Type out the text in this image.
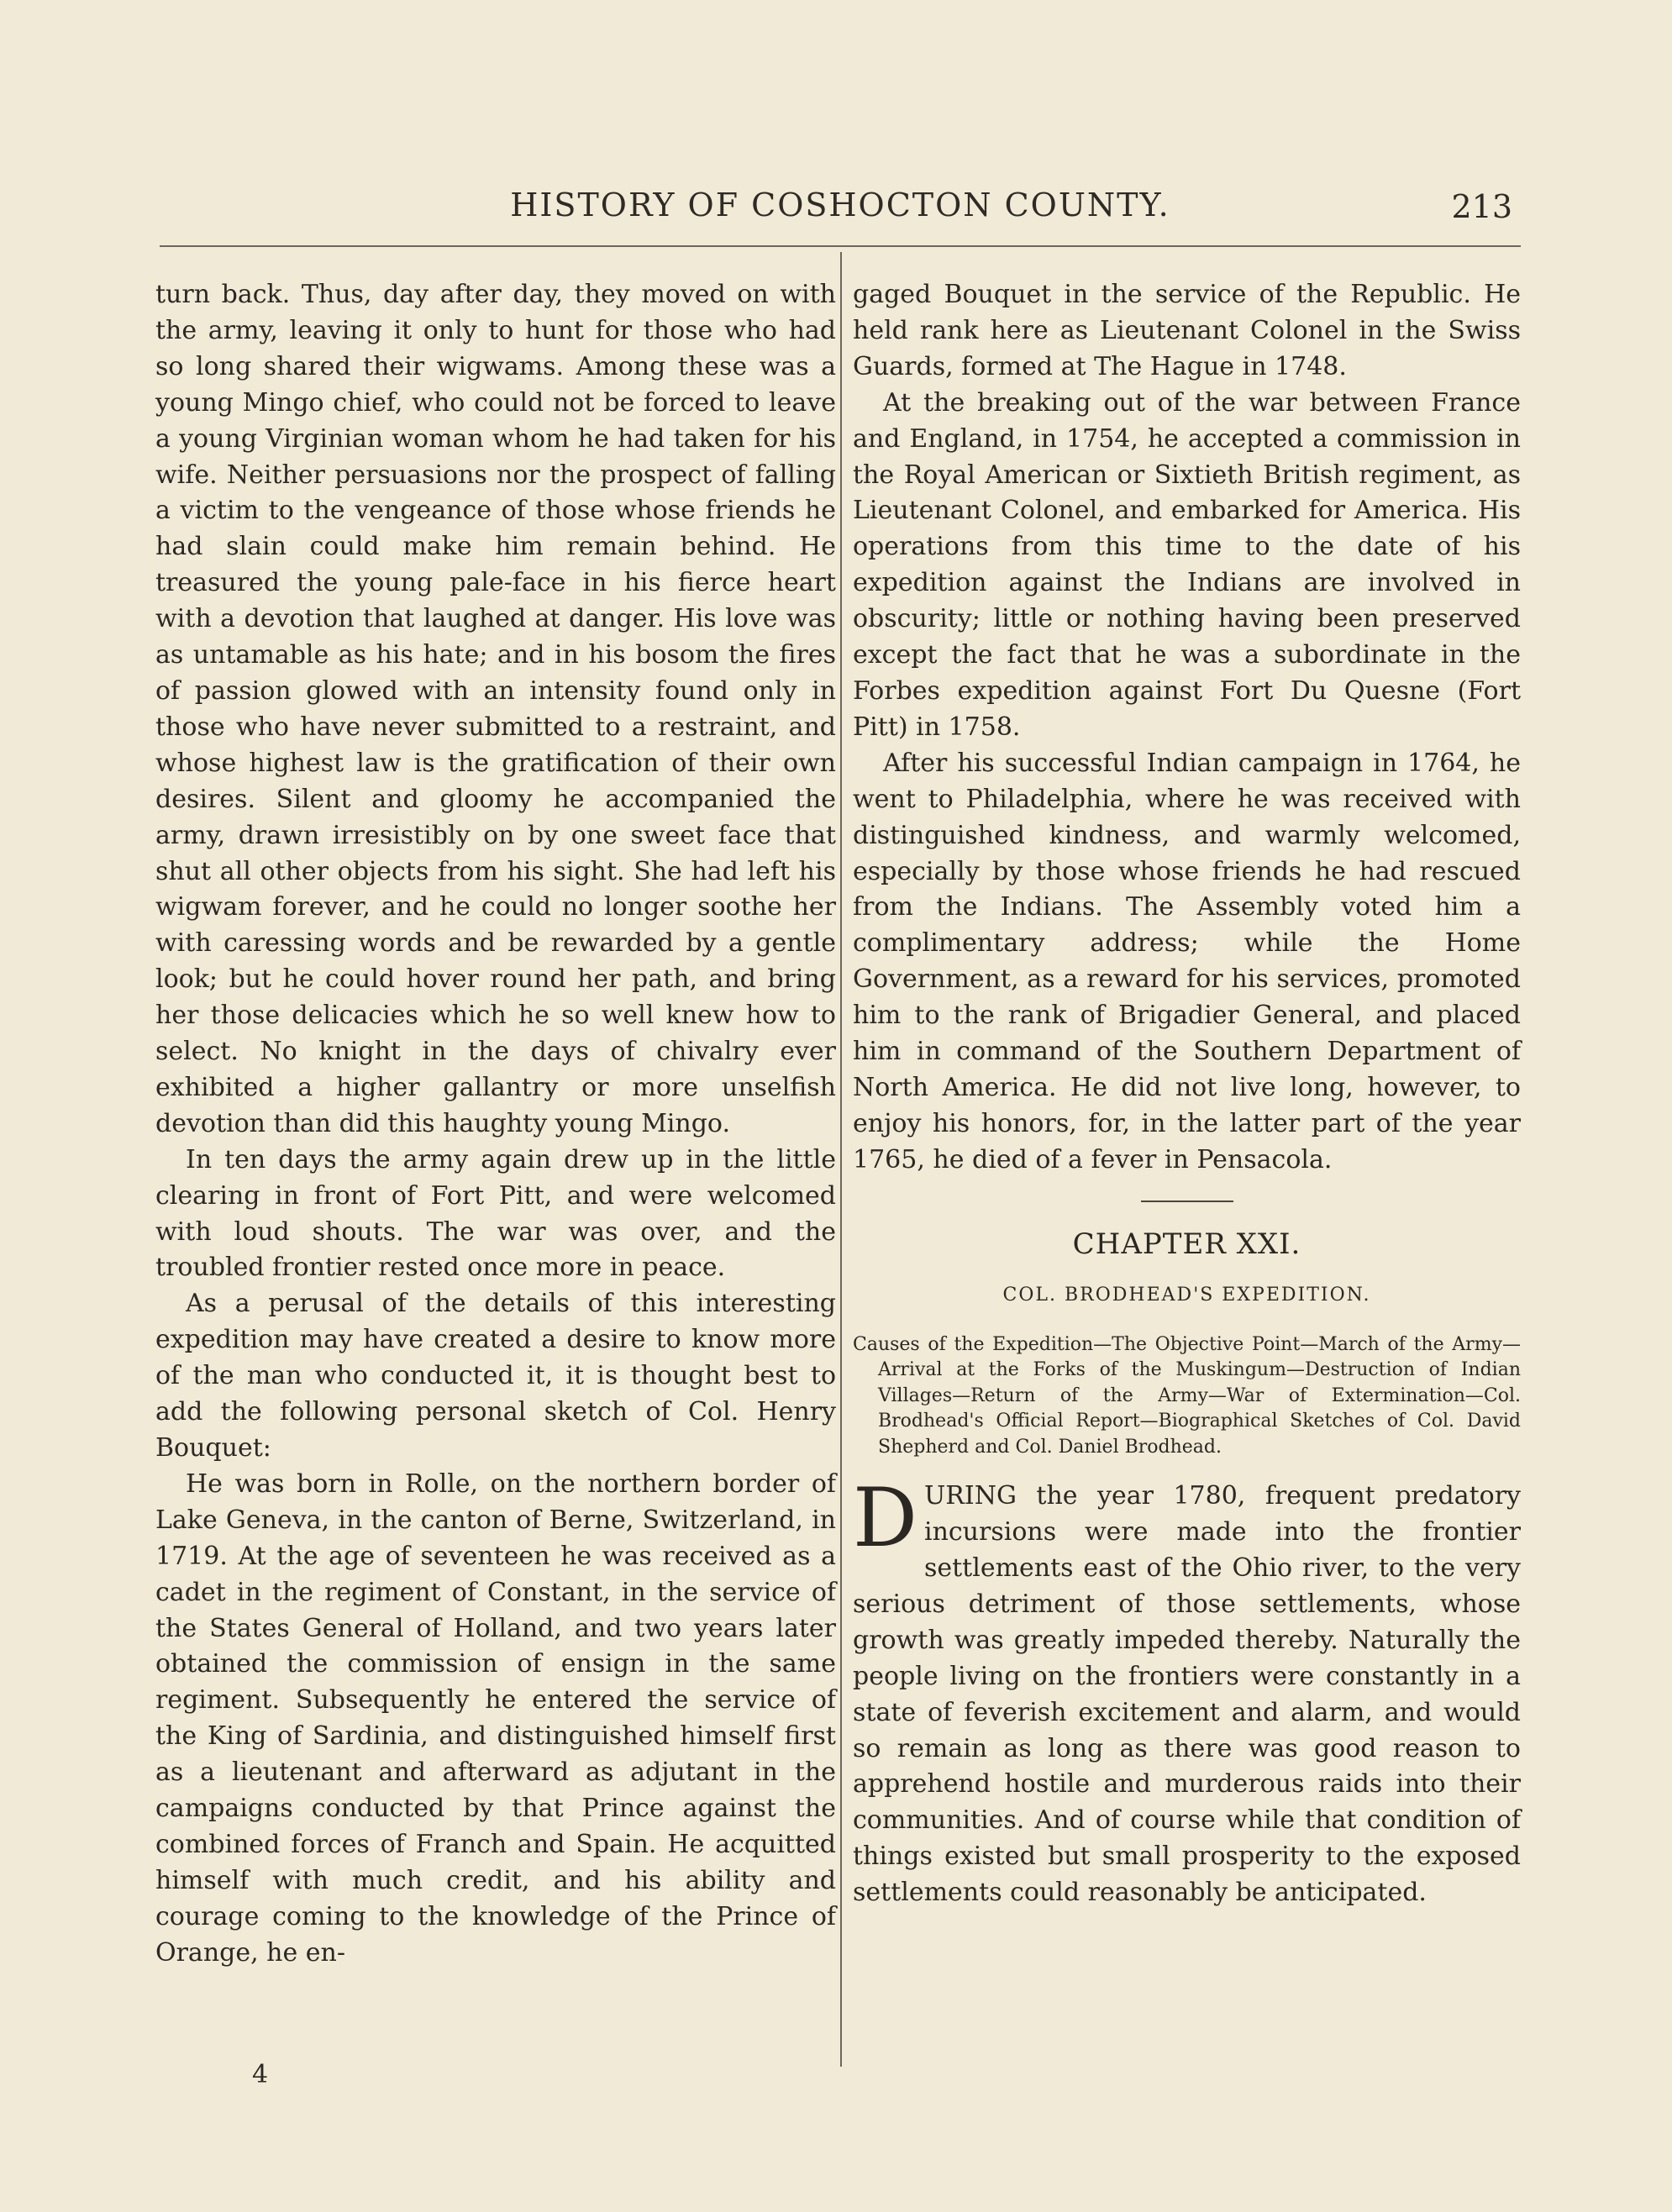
HISTORY OF COSHOCTON COUNTY.	213

turn back. Thus, day after day, they moved on with the army, leaving it only to hunt for those who had so long shared their wigwams. Among these was a young Mingo chief, who could not be forced to leave a young Virginian woman whom he had taken for his wife. Neither persuasions nor the prospect of falling a victim to the vengeance of those whose friends he had slain could make him remain behind. He treasured the young pale-face in his fierce heart with a devotion that laughed at danger. His love was as untamable as his hate; and in his bosom the fires of passion glowed with an intensity found only in those who have never submitted to a restraint, and whose highest law is the gratification of their own desires. Silent and gloomy he accompanied the army, drawn irresistibly on by one sweet face that shut all other objects from his sight. She had left his wigwam forever, and he could no longer soothe her with caressing words and be rewarded by a gentle look; but he could hover round her path, and bring her those delicacies which he so well knew how to select. No knight in the days of chivalry ever exhibited a higher gallantry or more unselfish devotion than did this haughty young Mingo.

In ten days the army again drew up in the little clearing in front of Fort Pitt, and were welcomed with loud shouts. The war was over, and the troubled frontier rested once more in peace.

As a perusal of the details of this interesting expedition may have created a desire to know more of the man who conducted it, it is thought best to add the following personal sketch of Col. Henry Bouquet:

He was born in Rolle, on the northern border of Lake Geneva, in the canton of Berne, Switzerland, in 1719. At the age of seventeen he was received as a cadet in the regiment of Constant, in the service of the States General of Holland, and two years later obtained the commission of ensign in the same regiment. Subsequently he entered the service of the King of Sardinia, and distinguished himself first as a lieutenant and afterward as adjutant in the campaigns conducted by that Prince against the combined forces of Franch and Spain. He acquitted himself with much credit, and his ability and courage coming to the knowledge of the Prince of Orange, he en-

4

gaged Bouquet in the service of the Republic. He held rank here as Lieutenant Colonel in the Swiss Guards, formed at The Hague in 1748.

At the breaking out of the war between France and England, in 1754, he accepted a commission in the Royal American or Sixtieth British regiment, as Lieutenant Colonel, and embarked for America. His operations from this time to the date of his expedition against the Indians are involved in obscurity; little or nothing having been preserved except the fact that he was a subordinate in the Forbes expedition against Fort Du Quesne (Fort Pitt) in 1758.

After his successful Indian campaign in 1764, he went to Philadelphia, where he was received with distinguished kindness, and warmly welcomed, especially by those whose friends he had rescued from the Indians. The Assembly voted him a complimentary address; while the Home Government, as a reward for his services, promoted him to the rank of Brigadier General, and placed him in command of the Southern Department of North America. He did not live long, however, to enjoy his honors, for, in the latter part of the year 1765, he died of a fever in Pensacola.

CHAPTER XXI.
COL. BRODHEAD'S EXPEDITION.
Causes of the Expedition—The Objective Point—March of the Army—Arrival at the Forks of the Muskingum—Destruction of Indian Villages—Return of the Army—War of Extermination—Col. Brodhead's Official Report—Biographical Sketches of Col. David Shepherd and Col. Daniel Brodhead.

DURING the year 1780, frequent predatory incursions were made into the frontier settlements east of the Ohio river, to the very serious detriment of those settlements, whose growth was greatly impeded thereby. Naturally the people living on the frontiers were constantly in a state of feverish excitement and alarm, and would so remain as long as there was good reason to apprehend hostile and murderous raids into their communities. And of course while that condition of things existed but small prosperity to the exposed settlements could reasonably be anticipated.
